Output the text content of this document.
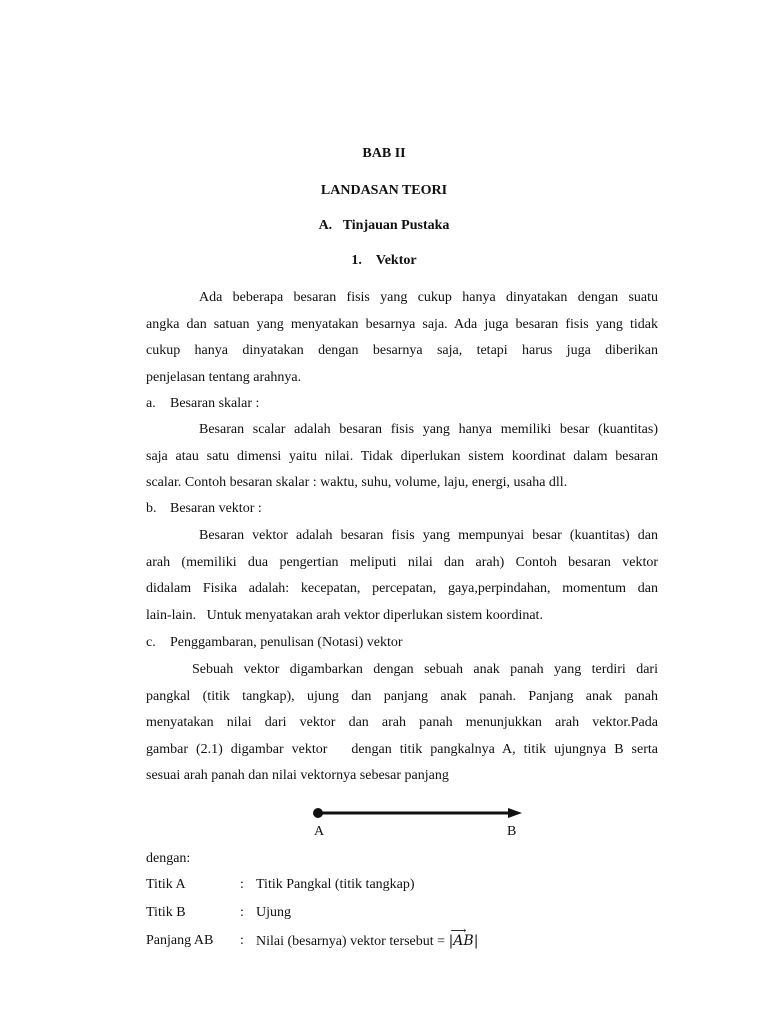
BAB II
LANDASAN TEORI
A. Tinjauan Pustaka
1. Vektor
Ada beberapa besaran fisis yang cukup hanya dinyatakan dengan suatu
angka dan satuan yang menyatakan besarnya saja. Ada juga besaran fisis yang tidak
cukup hanya dinyatakan dengan besarnya saja, tetapi harus juga diberikan
penjelasan tentang arahnya.
a. Besaran skalar :
Besaran scalar adalah besaran fisis yang hanya memiliki besar (kuantitas)
saja atau satu dimensi yaitu nilai. Tidak diperlukan sistem koordinat dalam besaran
scalar. Contoh besaran skalar : waktu, suhu, volume, laju, energi, usaha dll.
b. Besaran vektor :
Besaran vektor adalah besaran fisis yang mempunyai besar (kuantitas) dan
arah (memiliki dua pengertian meliputi nilai dan arah) Contoh besaran vektor
didalam Fisika adalah: kecepatan, percepatan, gaya,perpindahan, momentum dan
lain-lain.   Untuk menyatakan arah vektor diperlukan sistem koordinat.
c. Penggambaran, penulisan (Notasi) vektor
Sebuah vektor digambarkan dengan sebuah anak panah yang terdiri dari
pangkal (titik tangkap), ujung dan panjang anak panah. Panjang anak panah
menyatakan nilai dari vektor dan arah panah menunjukkan arah vektor.Pada
gambar (2.1) digambar vektor   dengan titik pangkalnya A, titik ujungnya B serta
sesuai arah panah dan nilai vektornya sebesar panjang
A	B
dengan:
Titik A	: Titik Pangkal (titik tangkap)
Titik B	: Ujung
Panjang AB : Nilai (besarnya) vektor tersebut = |AB|
⟶
